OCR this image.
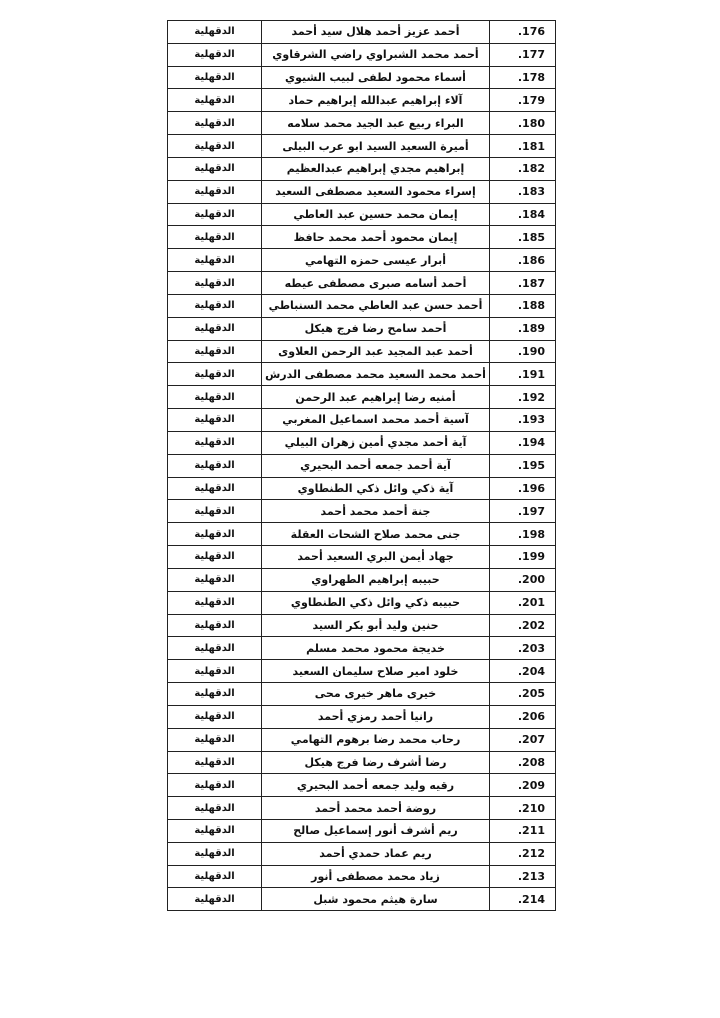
الدقهلية	أحمد عزيز أحمد هلال سيد أحمد	.176
الدقهلية	أحمد محمد الشبراوي راضي الشرقاوي	.177
الدقهلية	أسماء محمود لطفى لبيب الشيوي	.178
الدقهلية	آلاء إبراهيم عبدالله إبراهيم حماد	.179
الدقهلية	البراء ربيع عبد الجيد محمد سلامه	.180
الدقهلية	أميرة السعيد السيد ابو عرب البيلى	.181
الدقهلية	إبراهيم مجدي إبراهيم عبدالعظيم	.182
الدقهلية	إسراء محمود السعيد مصطفى السعيد	.183
الدقهلية	إيمان محمد حسين عبد العاطي	.184
الدقهلية	إيمان محمود أحمد محمد حافظ	.185
الدقهلية	أبرار عيسى حمزه التهامي	.186
الدقهلية	أحمد أسامه صبرى مصطفى عيطه	.187
الدقهلية	أحمد حسن عبد العاطي محمد السنباطي	.188
الدقهلية	أحمد سامح رضا فرج هيكل	.189
الدقهلية	أحمد عبد المجيد عبد الرحمن العلاوى	.190
الدقهلية	أحمد محمد السعيد محمد مصطفى الدرش	.191
الدقهلية	أمنيه رضا إبراهيم عبد الرحمن	.192
الدقهلية	آسية أحمد محمد اسماعيل المغربي	.193
الدقهلية	آية أحمد مجدي أمين زهران البيلي	.194
الدقهلية	آية أحمد جمعه أحمد البحيري	.195
الدقهلية	آية ذكي وائل ذكي الطنطاوي	.196
الدقهلية	جنة أحمد محمد أحمد	.197
الدقهلية	جنى محمد صلاح الشحات العقلة	.198
الدقهلية	جهاد أيمن البري السعيد أحمد	.199
الدقهلية	حبيبه إبراهيم الطهراوي	.200
الدقهلية	حبيبه ذكي وائل ذكي الطنطاوي	.201
الدقهلية	حنين وليد أبو بكر السيد	.202
الدقهلية	خديجة محمود محمد مسلم	.203
الدقهلية	خلود امير صلاح سليمان السعيد	.204
الدقهلية	خيرى ماهر خيرى محى	.205
الدقهلية	رانيا أحمد رمزي أحمد	.206
الدقهلية	رحاب محمد رضا برهوم التهامي	.207
الدقهلية	رضا أشرف رضا فرج هيكل	.208
الدقهلية	رقيه وليد جمعه أحمد البحيري	.209
الدقهلية	روضة أحمد محمد أحمد	.210
الدقهلية	ريم أشرف أنور إسماعيل صالح	.211
الدقهلية	ريم عماد حمدي أحمد	.212
الدقهلية	زياد محمد مصطفى أنور	.213
الدقهلية	سارة هيثم محمود شبل	.214
